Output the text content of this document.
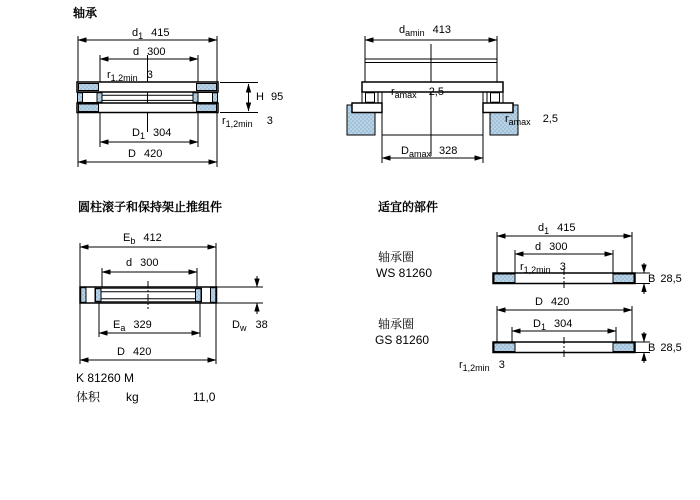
$d_1$ 415
d 300
$r_{1,2min}$ 3
H 95
$r_{1,2min}$ 3
$D_1$ 304
D 420
$d_{amin}$ 413
$r_{amax}$ 2,5
$r_{amax}$ 2,5
$D_{amax}$ 328
$E_b$ 412
d 300
$E_a$ 329
D 420
$D_w$ 38
$d_1$ 415
d 300
$r_{1,2min}$ 3
B 28,5
D 420
$D_1$ 304
B 28,5
$r_{1,2min}$ 3
轴承
圆柱滚子和保持架止推组件	适宜的部件
轴承圈
WS 81260
轴承圈
GS 81260
K 81260 M
体积 kg	11,0
